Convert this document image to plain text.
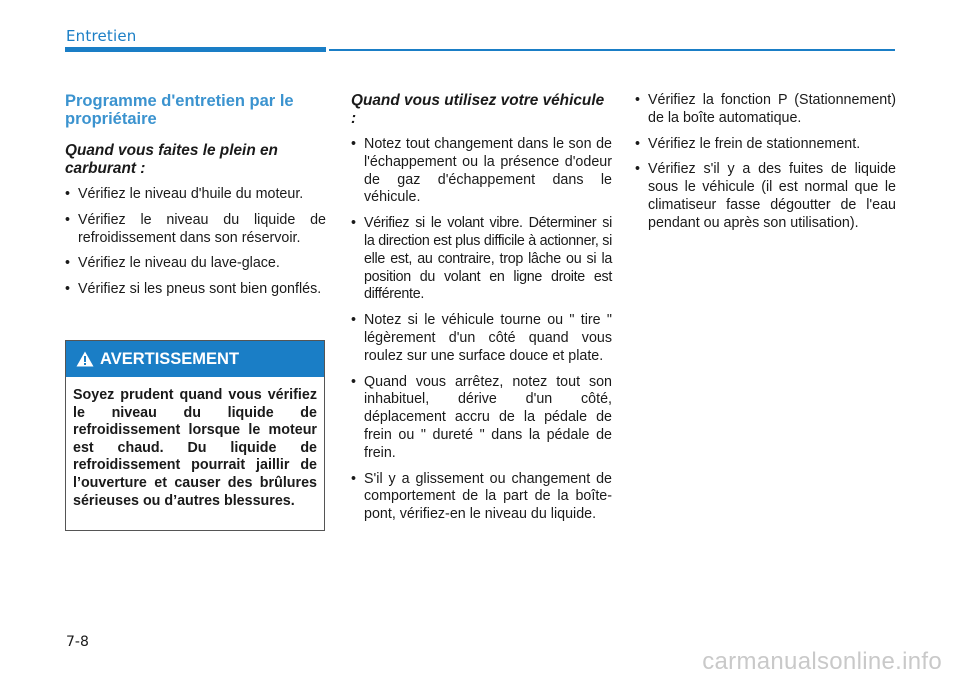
Entretien
Programme d'entretien par le propriétaire
Quand vous faites le plein en carburant :
• Vérifiez le niveau d'huile du moteur.
• Vérifiez le niveau du liquide de refroidissement dans son réservoir.
• Vérifiez le niveau du lave-glace.
• Vérifiez si les pneus sont bien gonflés.
AVERTISSEMENT
Soyez prudent quand vous vérifiez le niveau du liquide de refroidissement lorsque le moteur est chaud. Du liquide de refroidissement pourrait jaillir de l’ouverture et causer des brûlures sérieuses ou d’autres blessures.
Quand vous utilisez votre véhicule :
• Notez tout changement dans le son de l'échappement ou la présence d'odeur de gaz d'échappement dans le véhicule.
• Vérifiez si le volant vibre. Déterminer si la direction est plus difficile à actionner, si elle est, au contraire, trop lâche ou si la position du volant en ligne droite est différente.
• Notez si le véhicule tourne ou " tire " légèrement d'un côté quand vous roulez sur une surface douce et plate.
• Quand vous arrêtez, notez tout son inhabituel, dérive d'un côté, déplacement accru de la pédale de frein ou " dureté " dans la pédale de frein.
• S'il y a glissement ou changement de comportement de la part de la boîte-pont, vérifiez-en le niveau du liquide.
• Vérifiez la fonction P (Stationnement) de la boîte automatique.
• Vérifiez le frein de stationnement.
• Vérifiez s'il y a des fuites de liquide sous le véhicule (il est normal que le climatiseur fasse dégoutter de l'eau pendant ou après son utilisation).
7-8
carmanualsonline.info
